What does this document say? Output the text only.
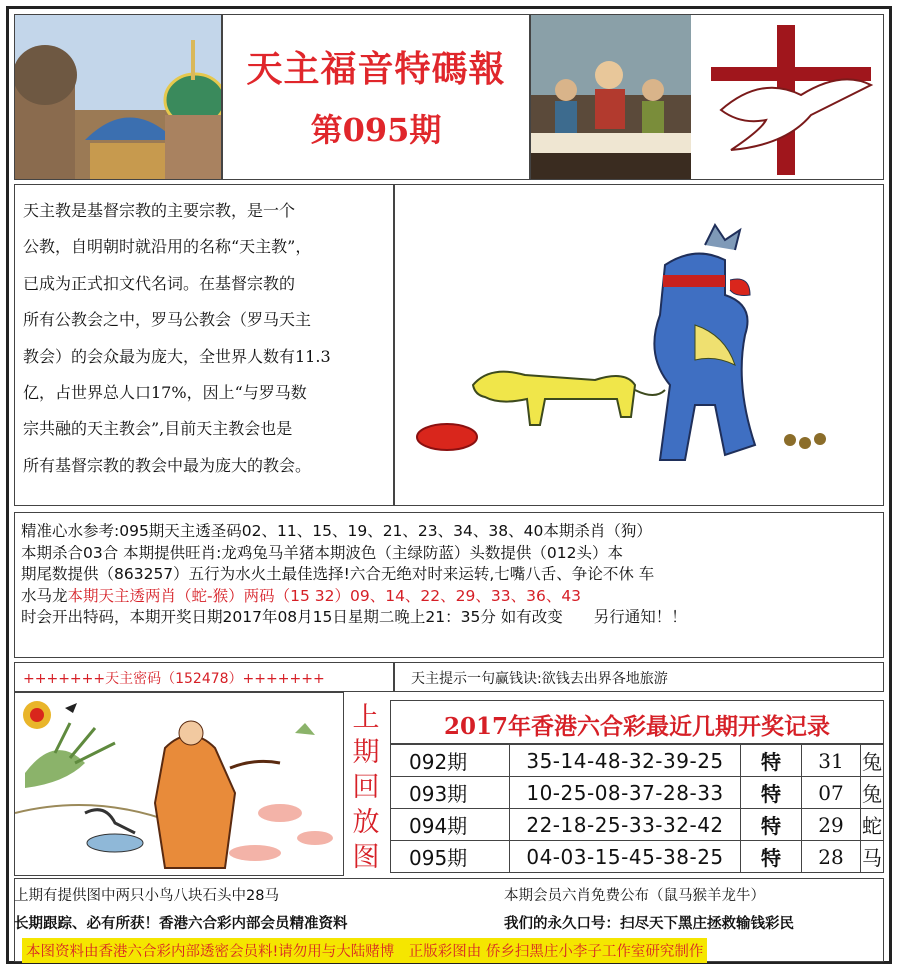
天主福音特碼報
第095期
天主教是基督宗教的主要宗教，是一个
公教，自明朝时就沿用的名称“天主教”，
已成为正式扣文代名词。在基督宗教的
所有公教会之中，罗马公教会（罗马天主
教会）的会众最为庞大，全世界人数有11.3
亿，占世界总人口17%，因上“与罗马数
宗共融的天主教会”,目前天主教会也是
所有基督宗教的教会中最为庞大的教会。
精准心水参考:095期天主透圣码02、11、15、19、21、23、34、38、40本期杀肖（狗）
本期杀合03合 本期提供旺肖:龙鸡兔马羊猪本期波色（主绿防蓝）头数提供（012头）本
期尾数提供（863257）五行为水火土最佳选择!六合无绝对时来运转,七嘴八舌、争论不休 车
水马龙本期天主透两肖（蛇-猴）两码（15 32）09、14、22、29、33、36、43
时会开出特码，本期开奖日期2017年08月15日星期二晚上21：35分 如有改变　　另行通知！！
+++++++天主密码（152478）+++++++	天主提示一句赢钱诀:欲钱去出界各地旅游
上
期
回
放
图
2017年香港六合彩最近几期开奖记录
092期	35-14-48-32-39-25	特	31	兔
093期	10-25-08-37-28-33	特	07	兔
094期	22-18-25-33-32-42	特	29	蛇
095期	04-03-15-45-38-25	特	28	马
上期有提供图中两只小鸟八块石头中28马	本期会员六肖免费公布（鼠马猴羊龙牛）
长期跟踪、必有所获！香港六合彩内部会员精准资料	我们的永久口号：扫尽天下黑庄拯救输钱彩民
本图资料由香港六合彩内部透密会员料!请勿用与大陆赌博　正版彩图由 侨乡扫黑庄小李子工作室研究制作
